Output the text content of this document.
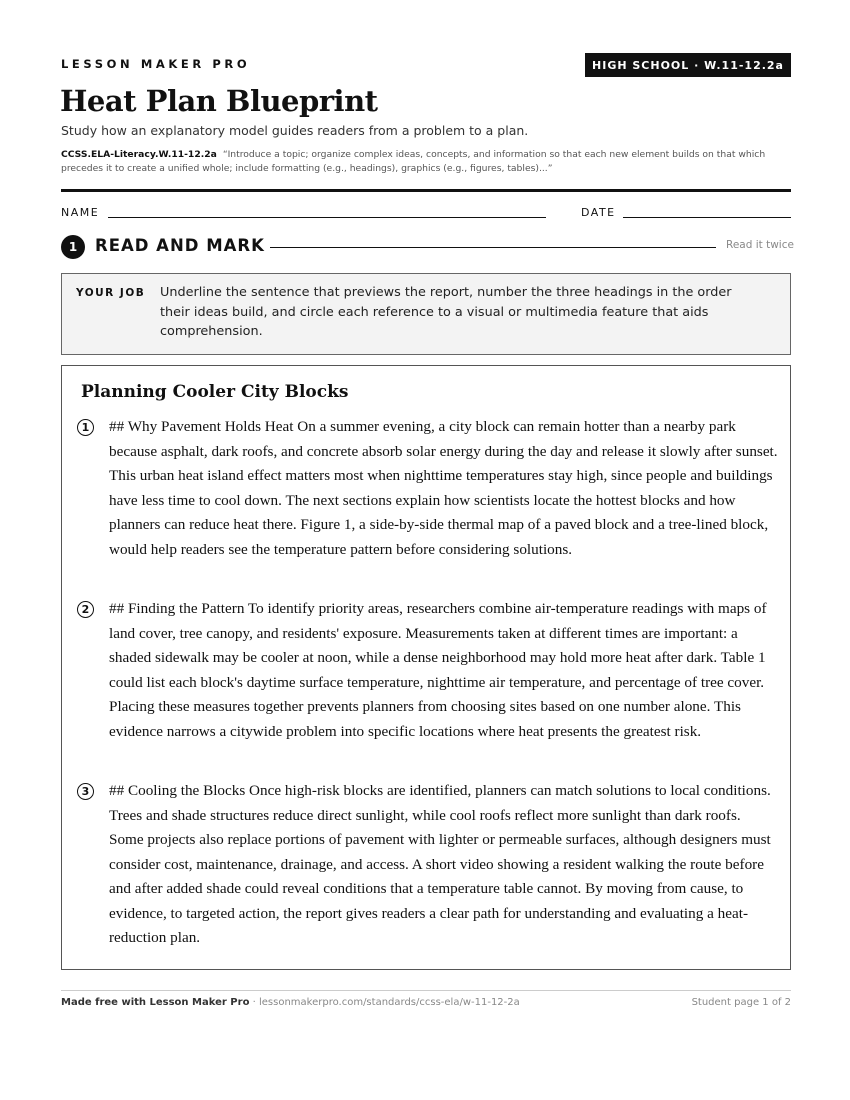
LESSON MAKER PRO	HIGH SCHOOL · W.11-12.2a
Heat Plan Blueprint
Study how an explanatory model guides readers from a problem to a plan.
CCSS.ELA-Literacy.W.11-12.2a “Introduce a topic; organize complex ideas, concepts, and information so that each new element builds on that which precedes it to create a unified whole; include formatting (e.g., headings), graphics (e.g., figures, tables)...”
NAME	DATE
1	READ AND MARK	Read it twice
YOUR JOB Underline the sentence that previews the report, number the three headings in the order their ideas build, and circle each reference to a visual or multimedia feature that aids comprehension.
Planning Cooler City Blocks
1	## Why Pavement Holds Heat On a summer evening, a city block can remain hotter than a nearby park because asphalt, dark roofs, and concrete absorb solar energy during the day and release it slowly after sunset. This urban heat island effect matters most when nighttime temperatures stay high, since people and buildings have less time to cool down. The next sections explain how scientists locate the hottest blocks and how planners can reduce heat there. Figure 1, a side-by-side thermal map of a paved block and a tree-lined block, would help readers see the temperature pattern before considering solutions.

2	## Finding the Pattern To identify priority areas, researchers combine air-temperature readings with maps of land cover, tree canopy, and residents' exposure. Measurements taken at different times are important: a shaded sidewalk may be cooler at noon, while a dense neighborhood may hold more heat after dark. Table 1 could list each block's daytime surface temperature, nighttime air temperature, and percentage of tree cover. Placing these measures together prevents planners from choosing sites based on one number alone. This evidence narrows a citywide problem into specific locations where heat presents the greatest risk.

3	## Cooling the Blocks Once high-risk blocks are identified, planners can match solutions to local conditions. Trees and shade structures reduce direct sunlight, while cool roofs reflect more sunlight than dark roofs. Some projects also replace portions of pavement with lighter or permeable surfaces, although designers must consider cost, maintenance, drainage, and access. A short video showing a resident walking the route before and after added shade could reveal conditions that a temperature table cannot. By moving from cause, to evidence, to targeted action, the report gives readers a clear path for understanding and evaluating a heat-reduction plan.

Made free with Lesson Maker Pro · lessonmakerpro.com/standards/ccss-ela/w-11-12-2a	Student page 1 of 2
